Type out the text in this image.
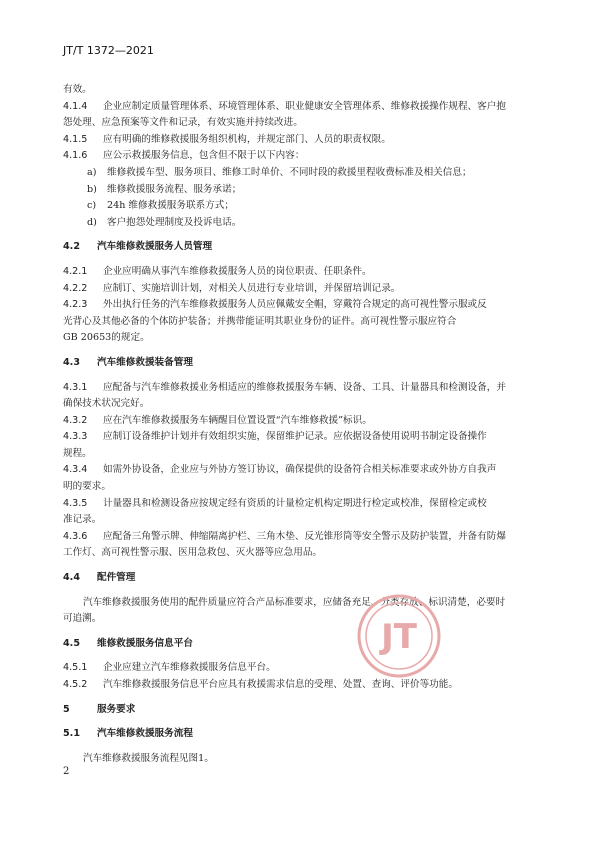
JT/T 1372—2021
有效。
4.1.4 企业应制定质量管理体系、环境管理体系、职业健康安全管理体系、维修救援操作规程、客户抱
怨处理、应急预案等文件和记录，有效实施并持续改进。
4.1.5 应有明确的维修救援服务组织机构，并规定部门、人员的职责权限。
4.1.6 应公示救援服务信息，包含但不限于以下内容：
a) 维修救援车型、服务项目、维修工时单价、不同时段的救援里程收费标准及相关信息；
b) 维修救援服务流程、服务承诺；
c) 24h 维修救援服务联系方式；
d) 客户抱怨处理制度及投诉电话。
4.2 汽车维修救援服务人员管理
4.2.1 企业应明确从事汽车维修救援服务人员的岗位职责、任职条件。
4.2.2 应制订、实施培训计划，对相关人员进行专业培训，并保留培训记录。
4.2.3 外出执行任务的汽车维修救援服务人员应佩戴安全帽，穿戴符合规定的高可视性警示服或反
光背心及其他必备的个体防护装备；并携带能证明其职业身份的证件。高可视性警示服应符合
GB 20653的规定。
4.3 汽车维修救援装备管理
4.3.1 应配备与汽车维修救援业务相适应的维修救援服务车辆、设备、工具、计量器具和检测设备，并
确保技术状况完好。
4.3.2 应在汽车维修救援服务车辆醒目位置设置“汽车维修救援”标识。
4.3.3 应制订设备维护计划并有效组织实施，保留维护记录。应依据设备使用说明书制定设备操作
规程。
4.3.4 如需外协设备，企业应与外协方签订协议，确保提供的设备符合相关标准要求或外协方自我声
明的要求。
4.3.5 计量器具和检测设备应按规定经有资质的计量检定机构定期进行检定或校准，保留检定或校
准记录。
4.3.6 应配备三角警示牌、伸缩隔离护栏、三角木垫、反光锥形筒等安全警示及防护装置，并备有防爆
工作灯、高可视性警示服、医用急救包、灭火器等应急用品。
4.4 配件管理
汽车维修救援服务使用的配件质量应符合产品标准要求，应储备充足、分类存放、标识清楚，必要时
可追溯。
4.5 维修救援服务信息平台
4.5.1 企业应建立汽车维修救援服务信息平台。
4.5.2 汽车维修救援服务信息平台应具有救援需求信息的受理、处置、查询、评价等功能。
5	服务要求
5.1 汽车维修救援服务流程
汽车维修救援服务流程见图1。
JT
2
